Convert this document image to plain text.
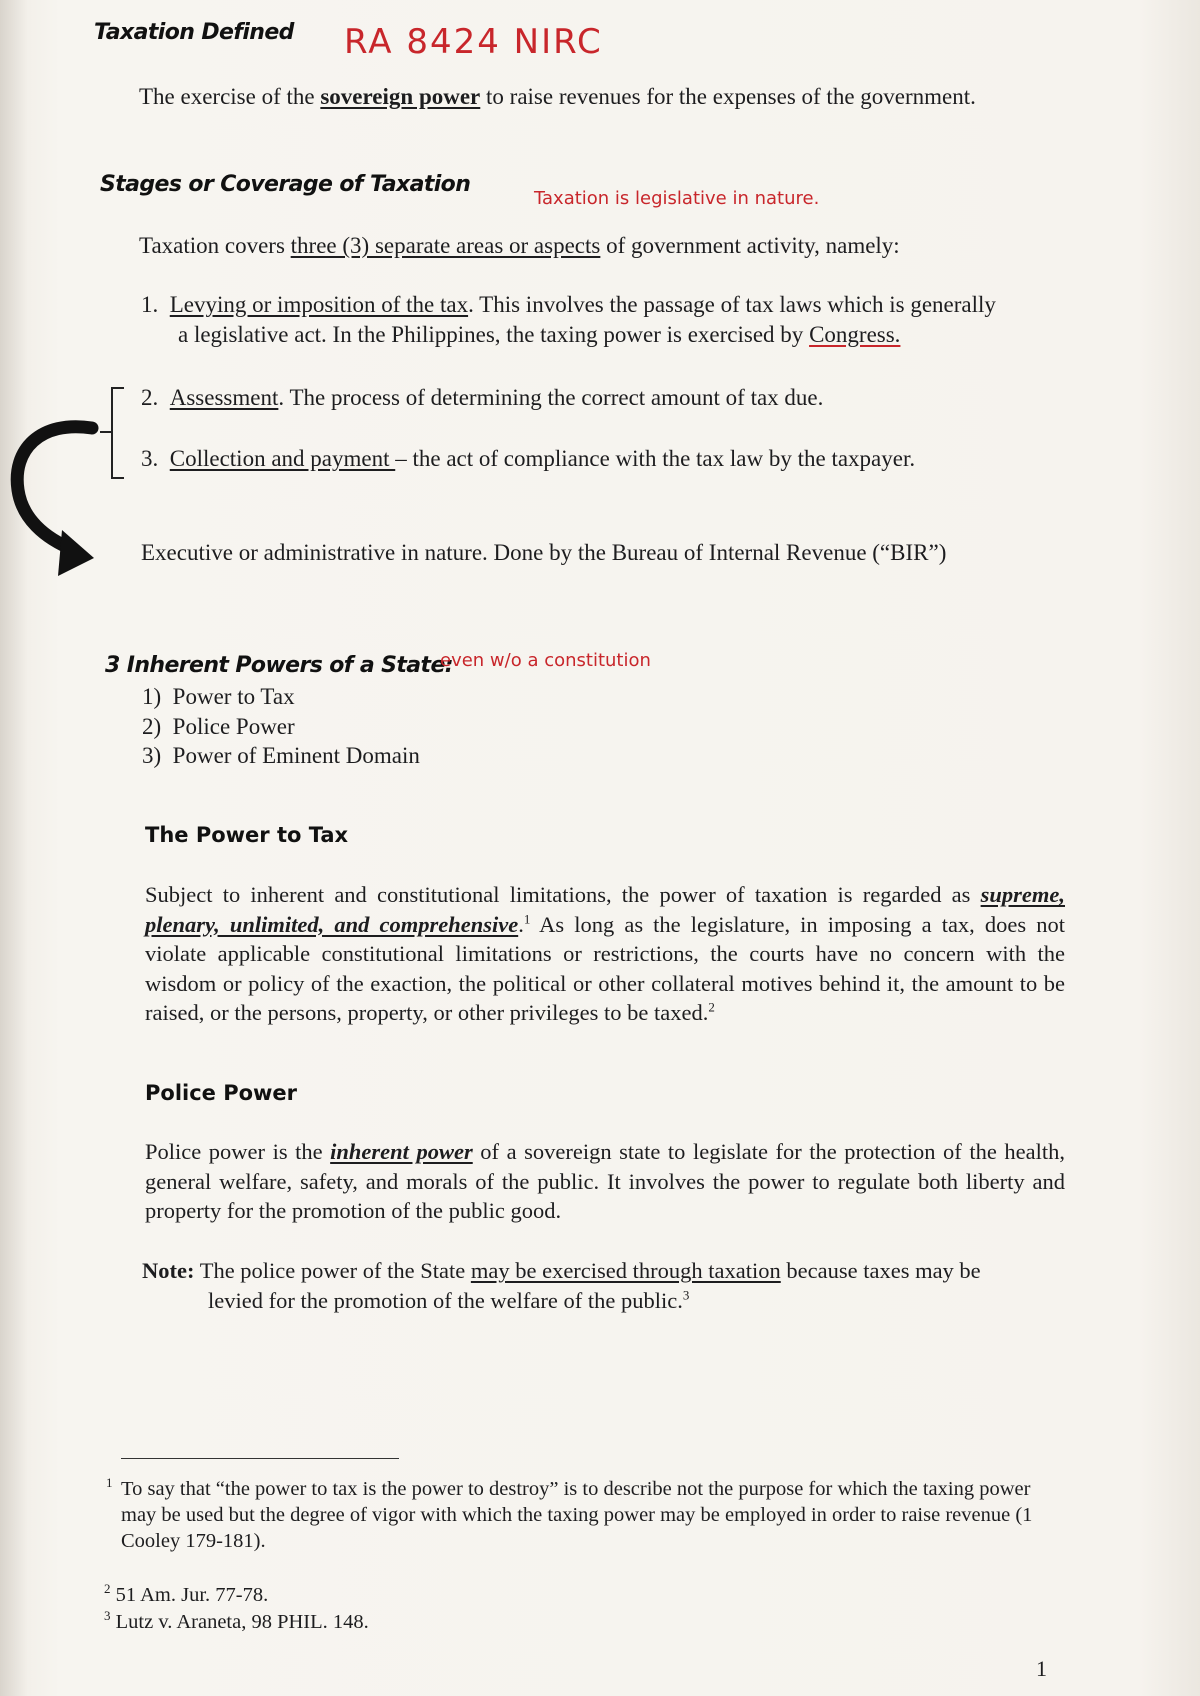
Taxation Defined RA 8424 NIRC
The exercise of the sovereign power to raise revenues for the expenses of the government.
Stages or Coverage of Taxation
Taxation is legislative in nature.
Taxation covers three (3) separate areas or aspects of government activity, namely:
1. Levying or imposition of the tax. This involves the passage of tax laws which is generally
a legislative act. In the Philippines, the taxing power is exercised by Congress.
2. Assessment. The process of determining the correct amount of tax due.
3. Collection and payment – the act of compliance with the tax law by the taxpayer.
Executive or administrative in nature. Done by the Bureau of Internal Revenue (“BIR”)
3 Inherent Powers of a State:
even w/o a constitution
1) Power to Tax
2) Police Power
3) Power of Eminent Domain
The Power to Tax
Subject to inherent and constitutional limitations, the power of taxation is regarded as supreme, plenary, unlimited, and comprehensive.$^1$ As long as the legislature, in imposing a tax, does not violate applicable constitutional limitations or restrictions, the courts have no concern with the wisdom or policy of the exaction, the political or other collateral motives behind it, the amount to be raised, or the persons, property, or other privileges to be taxed.$^2$
Police Power
Police power is the inherent power of a sovereign state to legislate for the protection of the health, general welfare, safety, and morals of the public. It involves the power to regulate both liberty and property for the promotion of the public good.
Note: The police power of the State may be exercised through taxation because taxes may be
levied for the promotion of the welfare of the public.$^3$
$^1$ To say that “the power to tax is the power to destroy” is to describe not the purpose for which the taxing power may be used but the degree of vigor with which the taxing power may be employed in order to raise revenue (1 Cooley 179-181).
$^2$ 51 Am. Jur. 77-78.
$^3$ Lutz v. Araneta, 98 PHIL. 148.
1
